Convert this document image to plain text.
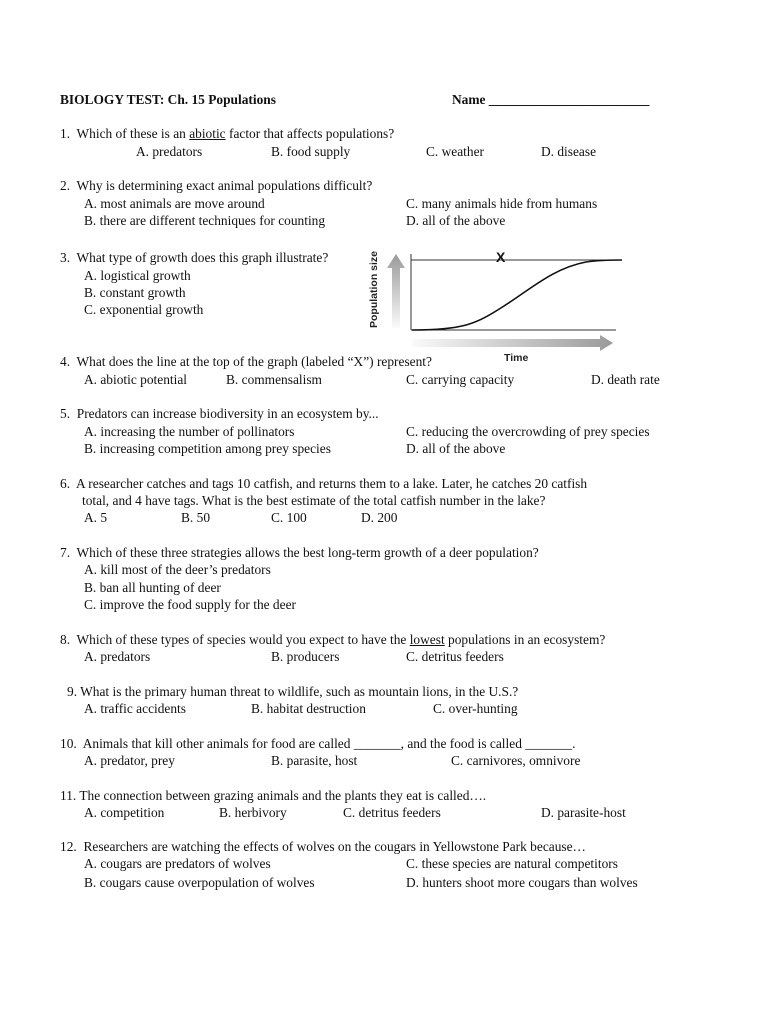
BIOLOGY TEST: Ch. 15 Populations	Name ________________________
1. Which of these is an abiotic factor that affects populations?
A. predators	B. food supply	C. weather	D. disease
2. Why is determining exact animal populations difficult?
A. most animals are move around	C. many animals hide from humans
B. there are different techniques for counting	D. all of the above
3. What type of growth does this graph illustrate?
A. logistical growth
B. constant growth
C. exponential growth	Population size
Time
X
4. What does the line at the top of the graph (labeled “X”) represent?
A. abiotic potential	B. commensalism	C. carrying capacity	D. death rate
5. Predators can increase biodiversity in an ecosystem by...
A. increasing the number of pollinators	C. reducing the overcrowding of prey species
B. increasing competition among prey species	D. all of the above
6. A researcher catches and tags 10 catfish, and returns them to a lake. Later, he catches 20 catfish
total, and 4 have tags. What is the best estimate of the total catfish number in the lake?
A. 5	B. 50	C. 100	D. 200
7. Which of these three strategies allows the best long-term growth of a deer population?
A. kill most of the deer’s predators
B. ban all hunting of deer
C. improve the food supply for the deer
8. Which of these types of species would you expect to have the lowest populations in an ecosystem?
A. predators	B. producers	C. detritus feeders
9. What is the primary human threat to wildlife, such as mountain lions, in the U.S.?
A. traffic accidents	B. habitat destruction	C. over-hunting
10. Animals that kill other animals for food are called _______, and the food is called _______.
A. predator, prey	B. parasite, host	C. carnivores, omnivore
11. The connection between grazing animals and the plants they eat is called….
A. competition	B. herbivory	C. detritus feeders	D. parasite-host
12. Researchers are watching the effects of wolves on the cougars in Yellowstone Park because…
A. cougars are predators of wolves	C. these species are natural competitors
B. cougars cause overpopulation of wolves	D. hunters shoot more cougars than wolves
